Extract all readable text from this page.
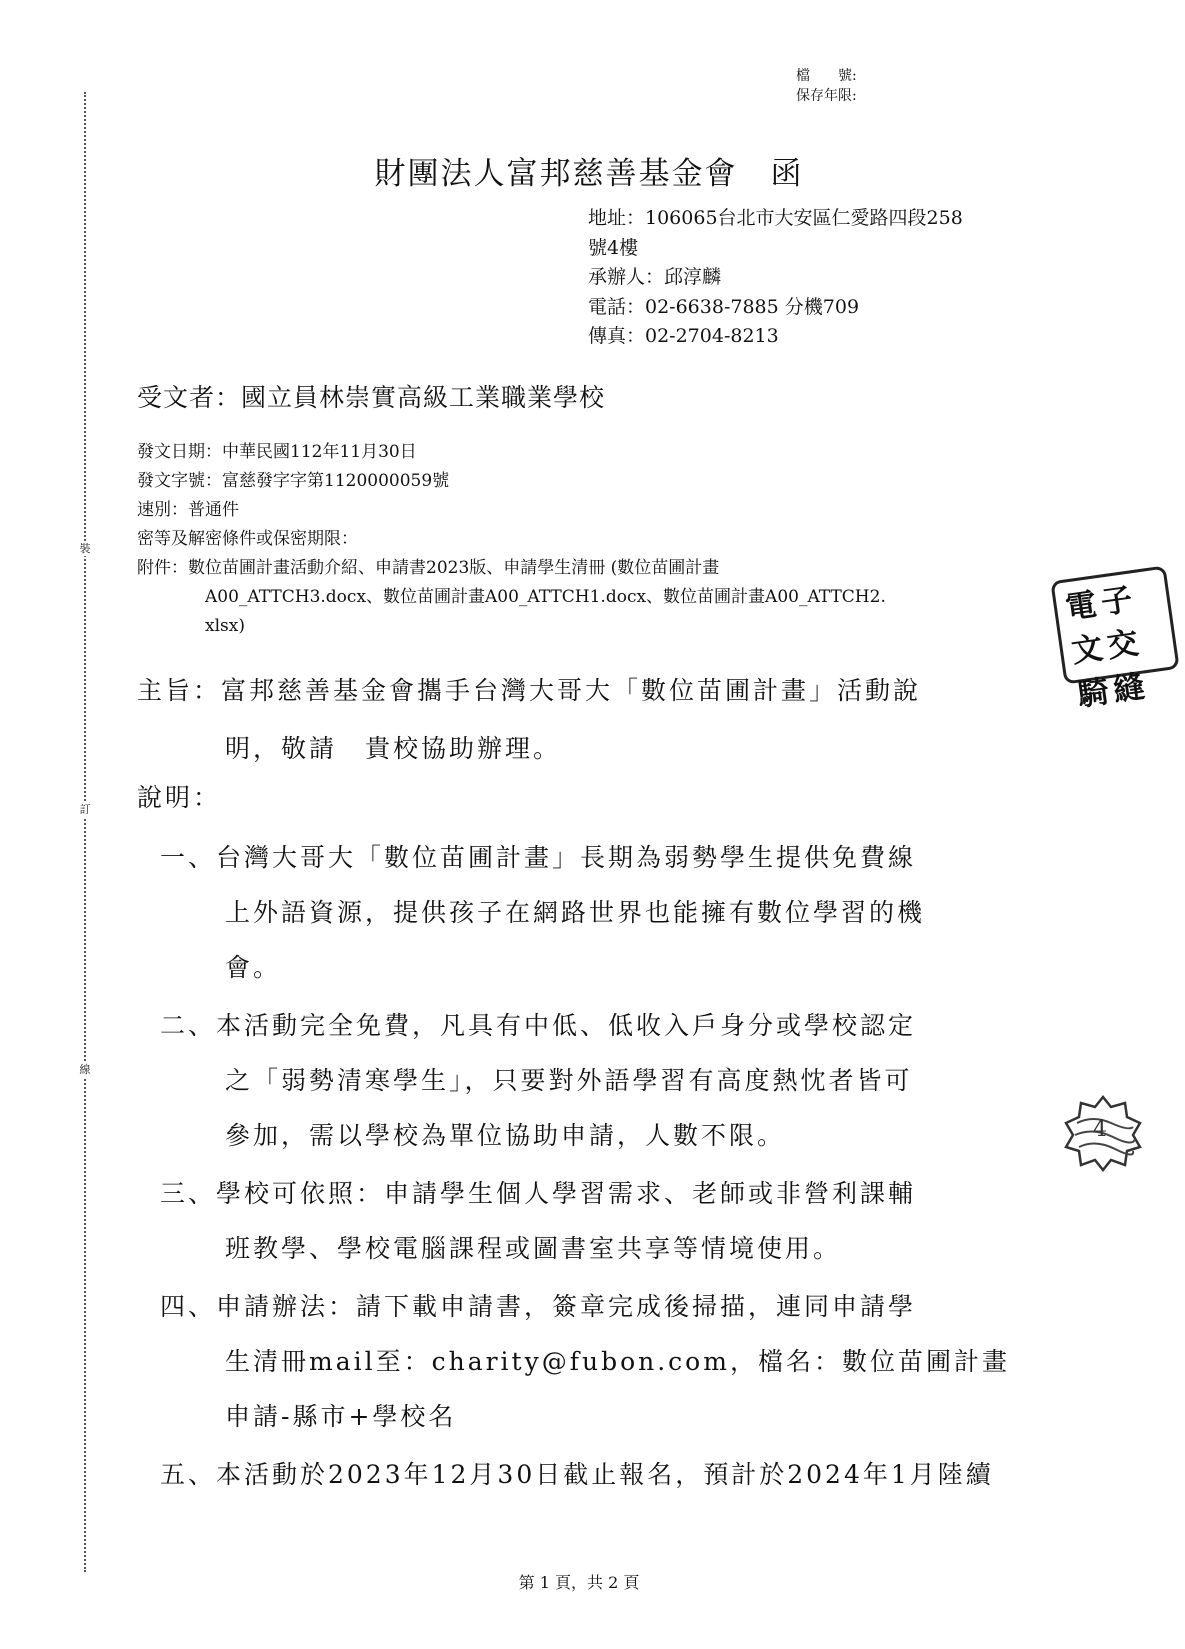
裝
訂
線
檔　　號:
保存年限:
財團法人富邦慈善基金會　函
地址：106065台北市大安區仁愛路四段258
號4樓
承辦人：邱淳麟
電話：02-6638-7885 分機709
傳真：02-2704-8213
受文者：國立員林崇實高級工業職業學校
發文日期：中華民國112年11月30日
發文字號：富慈發字字第1120000059號
速別：普通件
密等及解密條件或保密期限：
附件：數位苗圃計畫活動介紹、申請書2023版、申請學生清冊 (數位苗圃計畫
A00_ATTCH3.docx、數位苗圃計畫A00_ATTCH1.docx、數位苗圃計畫A00_ATTCH2.
xlsx)
主旨：富邦慈善基金會攜手台灣大哥大「數位苗圃計畫」活動說
明，敬請　貴校協助辦理。
說明：
一、台灣大哥大「數位苗圃計畫」長期為弱勢學生提供免費線
上外語資源，提供孩子在網路世界也能擁有數位學習的機
會。
二、本活動完全免費，凡具有中低、低收入戶身分或學校認定
之「弱勢清寒學生」，只要對外語學習有高度熱忱者皆可
參加，需以學校為單位協助申請，人數不限。
三、學校可依照：申請學生個人學習需求、老師或非營利課輔
班教學、學校電腦課程或圖書室共享等情境使用。
四、申請辦法：請下載申請書，簽章完成後掃描，連同申請學
生清冊mail至：charity@fubon.com，檔名：數位苗圃計畫
申請-縣市+學校名
五、本活動於2023年12月30日截止報名，預計於2024年1月陸續
第 1 頁，共 2 頁
電 子
文 交
騎 縫
4
